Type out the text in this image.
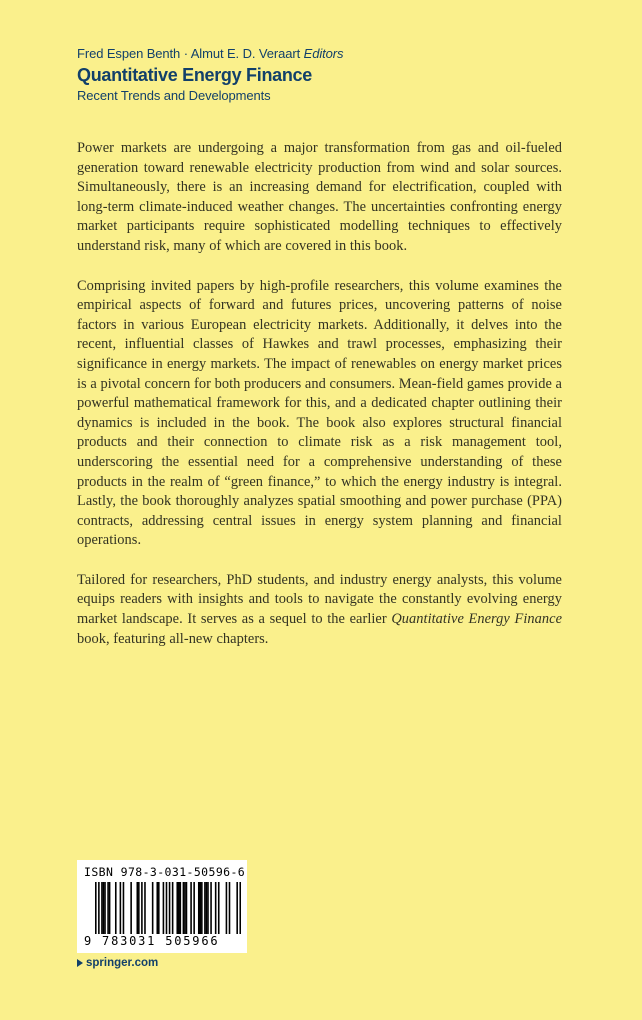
Fred Espen Benth · Almut E. D. Veraart Editors
Quantitative Energy Finance
Recent Trends and Developments

Power markets are undergoing a major transformation from gas and oil-fueled generation toward renewable electricity production from wind and solar sources. Simultaneously, there is an increasing demand for electrification, coupled with long-term climate-induced weather changes. The uncertainties confronting energy market participants require sophisticated modelling techniques to effectively understand risk, many of which are covered in this book.

Comprising invited papers by high-profile researchers, this volume examines the empirical aspects of forward and futures prices, uncovering patterns of noise factors in various European electricity markets. Additionally, it delves into the recent, influential classes of Hawkes and trawl processes, emphasizing their significance in energy markets. The impact of renewables on energy market prices is a pivotal concern for both producers and consumers. Mean-field games provide a powerful mathematical framework for this, and a dedicated chapter outlining their dynamics is included in the book. The book also explores structural financial products and their connection to climate risk as a risk management tool, underscoring the essential need for a comprehensive understanding of these products in the realm of “green finance,” to which the energy industry is integral. Lastly, the book thoroughly analyzes spatial smoothing and power purchase (PPA) contracts, addressing central issues in energy system planning and financial operations.

Tailored for researchers, PhD students, and industry energy analysts, this volume equips readers with insights and tools to navigate the constantly evolving energy market landscape. It serves as a sequel to the earlier Quantitative Energy Finance book, featuring all-new chapters.

ISBN 978-3-031-50596-6
9 783031 505966
springer.com
